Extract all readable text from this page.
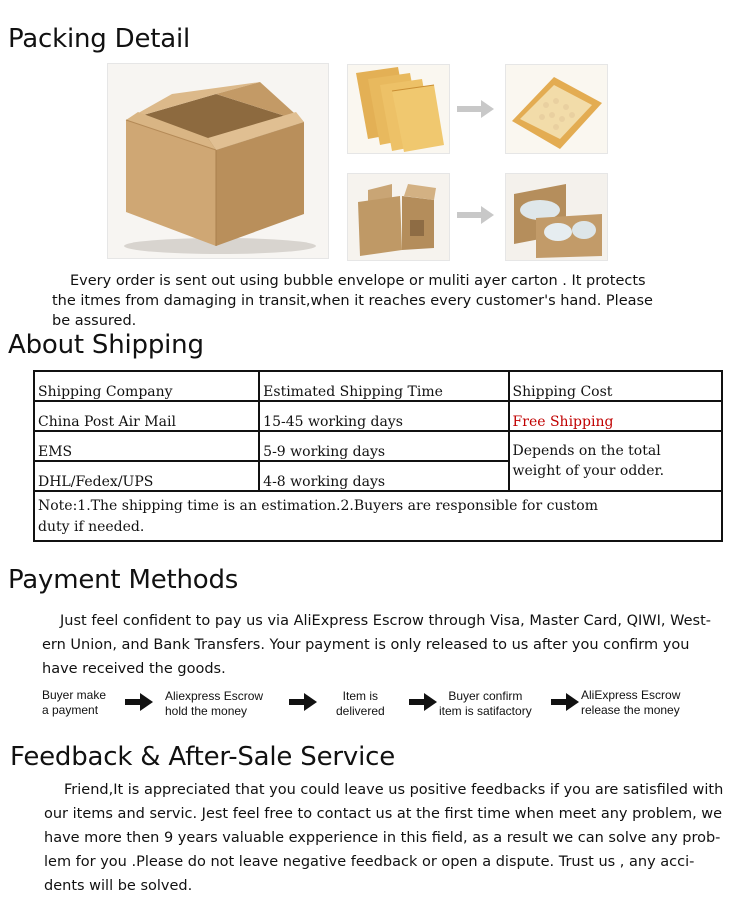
Packing Detail
Every order is sent out using bubble envelope or muliti ayer carton . It protects
the itmes from damaging in transit,when it reaches every customer's hand. Please
be assured.
About Shipping
Shipping Company	Estimated Shipping Time	Shipping Cost
China Post Air Mail	15-45 working days	Free Shipping
EMS	5-9 working days	Depends on the total
weight of your odder.

DHL/Fedex/UPS	4-8 working days	

Note:1.The shipping time is an estimation.2.Buyers are responsible for custom
duty if needed.		
Payment Methods
Just feel confident to pay us via AliExpress Escrow through Visa, Master Card, QIWI, West-
ern Union, and Bank Transfers. Your payment is only released to us after you confirm you
have received the goods.
Buyer make
a payment
Aliexpress Escrow
hold the money
Item is
delivered
Buyer confirm
item is satifactory
AliExpress Escrow
release the money
Feedback & After-Sale Service
Friend,It is appreciated that you could leave us positive feedbacks if you are satisfiled with
our items and servic. Jest feel free to contact us at the first time when meet any problem, we
have more then 9 years valuable expperience in this field, as a result we can solve any prob-
lem for you .Please do not leave negative feedback or open a dispute. Trust us , any acci-
dents will be solved.
